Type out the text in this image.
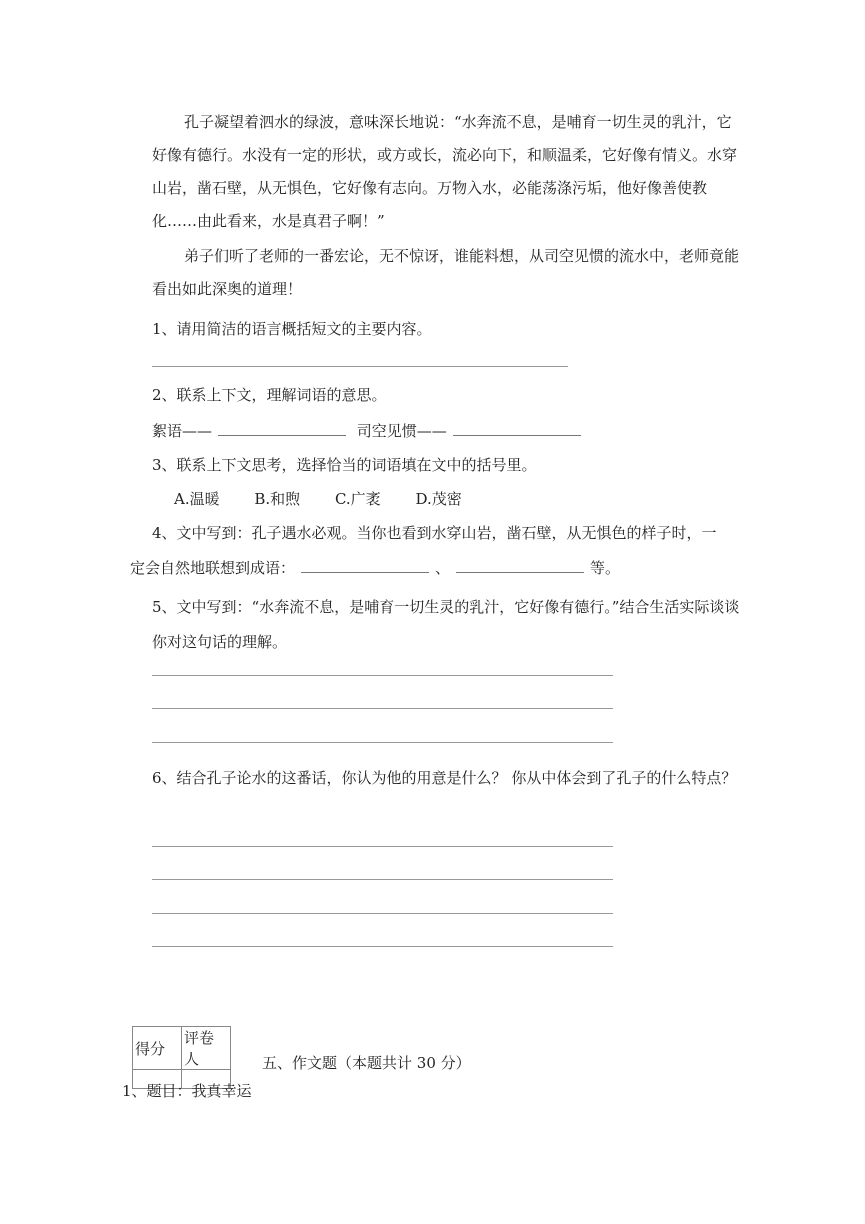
孔子凝望着泗水的绿波，意味深长地说：“水奔流不息，是哺育一切生灵的乳汁，它好像有德行。水没有一定的形状，或方或长，流必向下，和顺温柔，它好像有情义。水穿山岩，凿石壁，从无惧色，它好像有志向。万物入水，必能荡涤污垢，他好像善使教化……由此看来，水是真君子啊！”
弟子们听了老师的一番宏论，无不惊讶，谁能料想，从司空见惯的流水中，老师竟能看出如此深奥的道理！
1、请用简洁的语言概括短文的主要内容。
2、联系上下文，理解词语的意思。
絮语——	司空见惯——
3、联系上下文思考，选择恰当的词语填在文中的括号里。
A.温暖 B.和煦 C.广袤 D.茂密
4、文中写到：孔子遇水必观。当你也看到水穿山岩，凿石壁，从无惧色的样子时，一
定会自然地联想到成语：	、	等。
5、文中写到：“水奔流不息，是哺育一切生灵的乳汁，它好像有德行。”结合生活实际谈谈你对这句话的理解。
6、结合孔子论水的这番话，你认为他的用意是什么？ 你从中体会到了孔子的什么特点？
得分	评卷人
		五、作文题（本题共计 30 分）
1、题目：我真幸运
